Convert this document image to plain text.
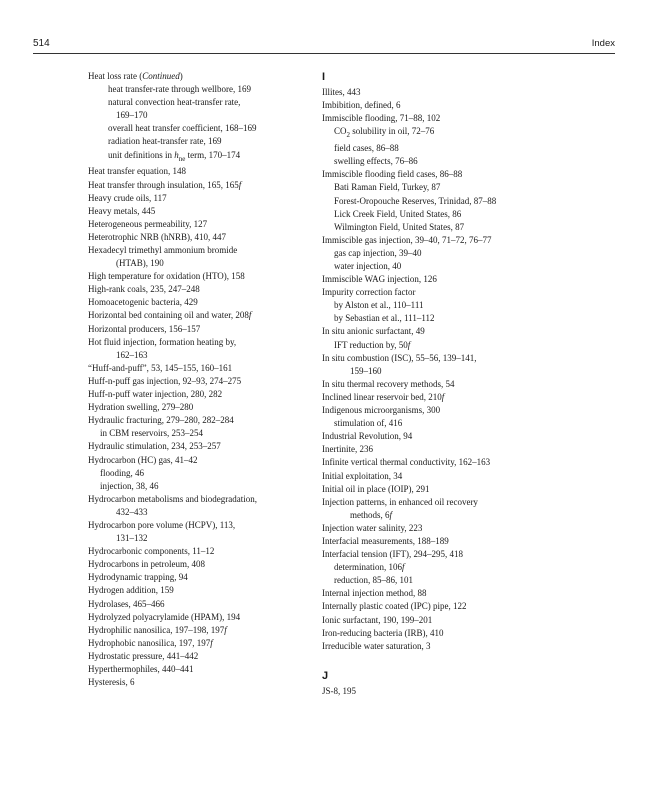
514	Index
Heat loss rate (Continued)
heat transfer-rate through wellbore, 169
natural convection heat-transfer rate,
169–170
overall heat transfer coefficient, 168–169
radiation heat-transfer rate, 169
unit definitions in $h_{ne}$ term, 170–174
Heat transfer equation, 148
Heat transfer through insulation, 165, 165f
Heavy crude oils, 117
Heavy metals, 445
Heterogeneous permeability, 127
Heterotrophic NRB (hNRB), 410, 447
Hexadecyl trimethyl ammonium bromide
(HTAB), 190
High temperature for oxidation (HTO), 158
High-rank coals, 235, 247–248
Homoacetogenic bacteria, 429
Horizontal bed containing oil and water, 208f
Horizontal producers, 156–157
Hot fluid injection, formation heating by,
162–163
“Huff-and-puff”, 53, 145–155, 160–161
Huff-n-puff gas injection, 92–93, 274–275
Huff-n-puff water injection, 280, 282
Hydration swelling, 279–280
Hydraulic fracturing, 279–280, 282–284
in CBM reservoirs, 253–254
Hydraulic stimulation, 234, 253–257
Hydrocarbon (HC) gas, 41–42
flooding, 46
injection, 38, 46
Hydrocarbon metabolisms and biodegradation,
432–433
Hydrocarbon pore volume (HCPV), 113,
131–132
Hydrocarbonic components, 11–12
Hydrocarbons in petroleum, 408
Hydrodynamic trapping, 94
Hydrogen addition, 159
Hydrolases, 465–466
Hydrolyzed polyacrylamide (HPAM), 194
Hydrophilic nanosilica, 197–198, 197f
Hydrophobic nanosilica, 197, 197f
Hydrostatic pressure, 441–442
Hyperthermophiles, 440–441
Hysteresis, 6
I
Illites, 443
Imbibition, defined, 6
Immiscible flooding, 71–88, 102
$CO_2$ solubility in oil, 72–76
field cases, 86–88
swelling effects, 76–86
Immiscible flooding field cases, 86–88
Bati Raman Field, Turkey, 87
Forest-Oropouche Reserves, Trinidad, 87–88
Lick Creek Field, United States, 86
Wilmington Field, United States, 87
Immiscible gas injection, 39–40, 71–72, 76–77
gas cap injection, 39–40
water injection, 40
Immiscible WAG injection, 126
Impurity correction factor
by Alston et al., 110–111
by Sebastian et al., 111–112
In situ anionic surfactant, 49
IFT reduction by, 50f
In situ combustion (ISC), 55–56, 139–141,
159–160
In situ thermal recovery methods, 54
Inclined linear reservoir bed, 210f
Indigenous microorganisms, 300
stimulation of, 416
Industrial Revolution, 94
Inertinite, 236
Infinite vertical thermal conductivity, 162–163
Initial exploitation, 34
Initial oil in place (IOIP), 291
Injection patterns, in enhanced oil recovery
methods, 6f
Injection water salinity, 223
Interfacial measurements, 188–189
Interfacial tension (IFT), 294–295, 418
determination, 106f
reduction, 85–86, 101
Internal injection method, 88
Internally plastic coated (IPC) pipe, 122
Ionic surfactant, 190, 199–201
Iron-reducing bacteria (IRB), 410
Irreducible water saturation, 3
J
JS-8, 195
